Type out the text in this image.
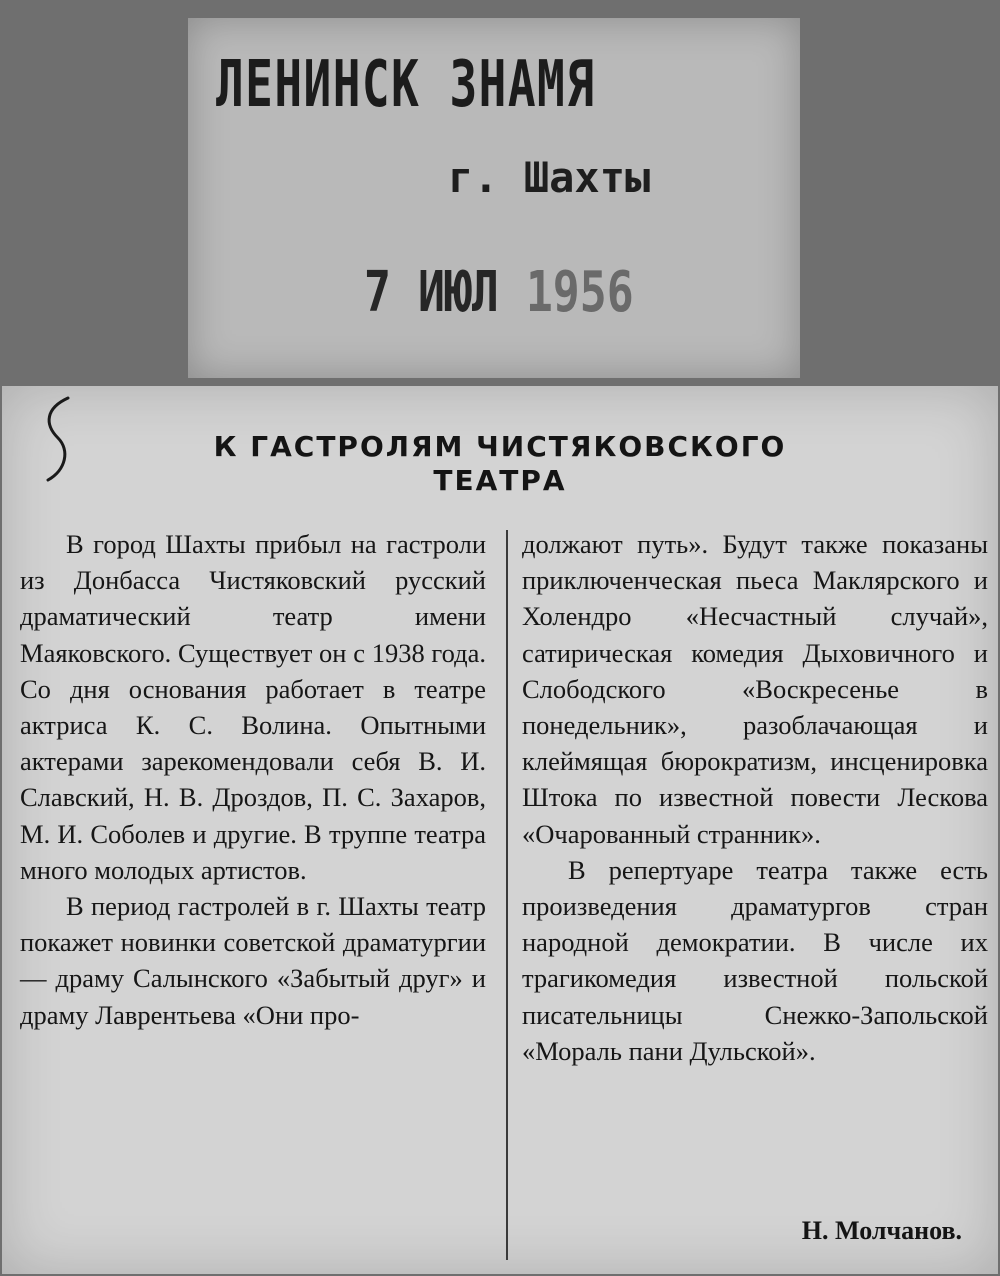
ЛЕНИНСК ЗНАМЯ
г. Шахты
7 ИЮЛ 1956
К ГАСТРОЛЯМ ЧИСТЯКОВСКОГО
ТЕАТРА

В город Шахты прибыл на гастроли из Донбасса Чистяковский русский драматический театр имени Маяковского. Существует он с 1938 года. Со дня основания работает в театре актриса К. С. Волина. Опытными актерами зарекомендовали себя В. И. Славский, Н. В. Дроздов, П. С. Захаров, М. И. Соболев и другие. В труппе театра много молодых артистов.

В период гастролей в г. Шахты театр покажет новинки советской драматургии — драму Салынского «Забытый друг» и драму Лаврентьева «Они про-

должают путь». Будут также показаны приключенческая пьеса Маклярского и Холендро «Несчастный случай», сатирическая комедия Дыховичного и Слободского «Воскресенье в понедельник», разоблачающая и клеймящая бюрократизм, инсценировка Штока по известной повести Лескова «Очарованный странник».

В репертуаре театра также есть произведения драматургов стран народной демократии. В числе их трагикомедия известной польской писательницы Снежко-Запольской «Мораль пани Дульской».

Н. Молчанов.
